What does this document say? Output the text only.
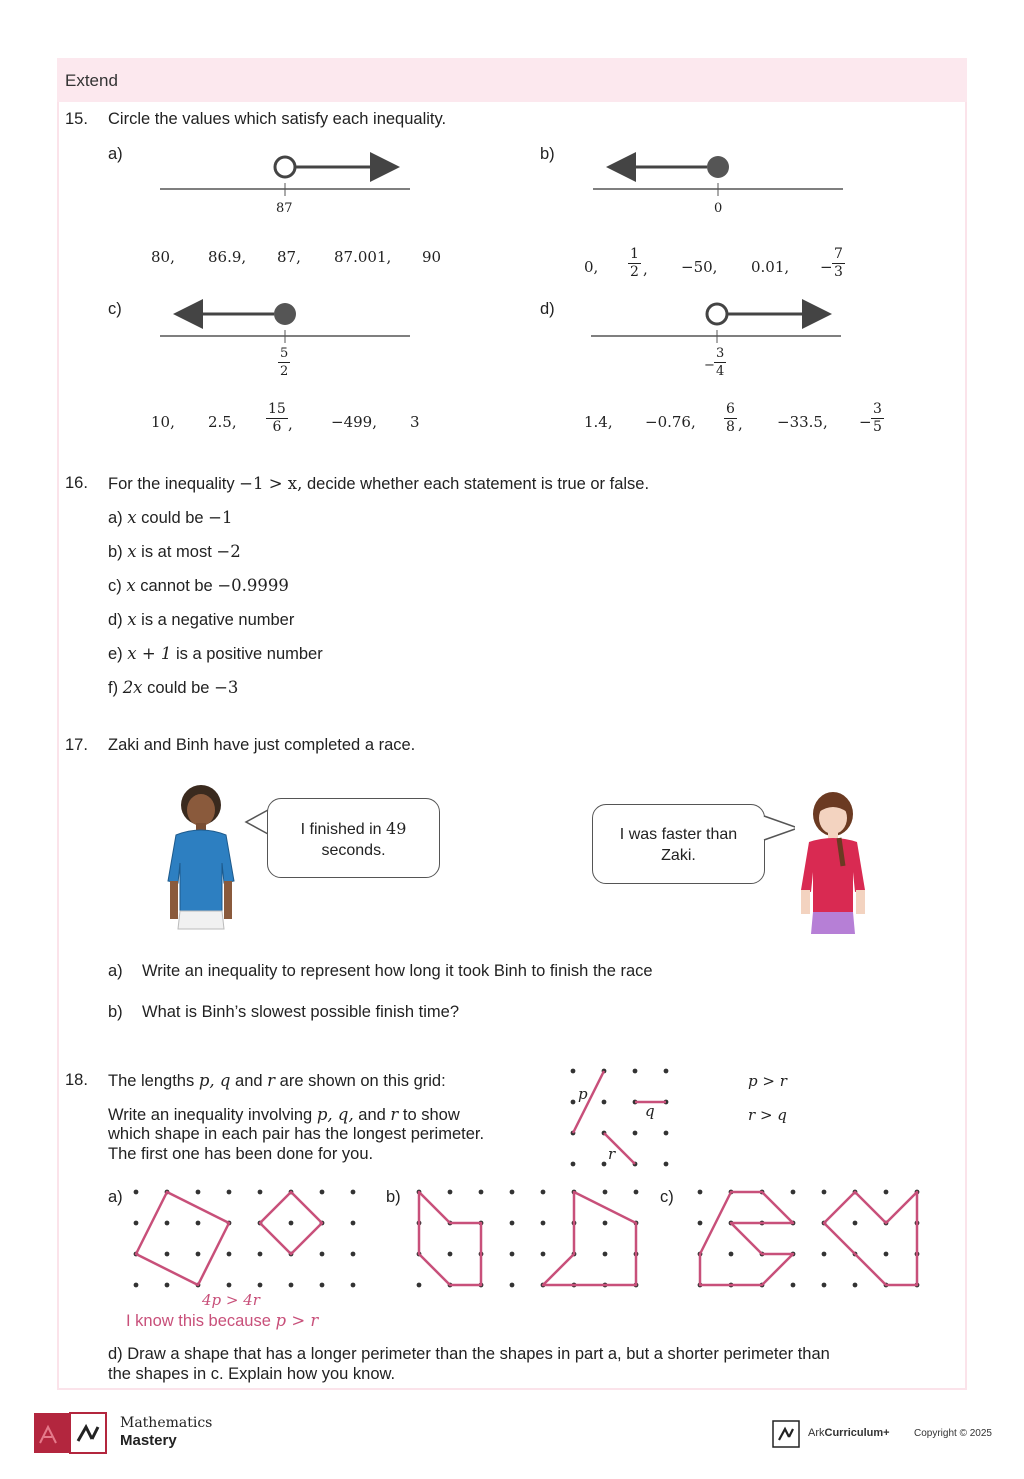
Extend
15. Circle the values which satisfy each inequality.
a)	b)
c)	d)
87	0
$\frac{5}{2}$	− $\frac{3}{4}$
80, 86.9, 87, 87.001, 90
0, $\frac{1}{2}$ , −50, 0.01, − $\frac{7}{3}$
10, 2.5, $\frac{15}{6}$ ,	−499, 3	1.4, −0.76, $\frac{6}{8}$ , −33.5, − $\frac{3}{5}$
16. For the inequality −1 > x, decide whether each statement is true or false.
a) x could be −1
b) x is at most −2
c) x cannot be −0.9999
d) x is a negative number
e) x + 1 is a positive number
f) 2x could be −3
17. Zaki and Binh have just completed a race.
I finished in 49
seconds.
I was faster than
Zaki.
a) Write an inequality to represent how long it took Binh to finish the race
b) What is Binh’s slowest possible finish time?
18. The lengths p, q and r are shown on this grid:
Write an inequality involving p, q, and r to show
which shape in each pair has the longest perimeter.
The first one has been done for you.
p
q
r
p > r
r > q
a)	b)	c)
4p > 4r
I know this because p > r
d) Draw a shape that has a longer perimeter than the shapes in part a, but a shorter perimeter than
the shapes in c. Explain how you know.
Mathematics
Mastery	ArkCurriculum+ Copyright © 2025
